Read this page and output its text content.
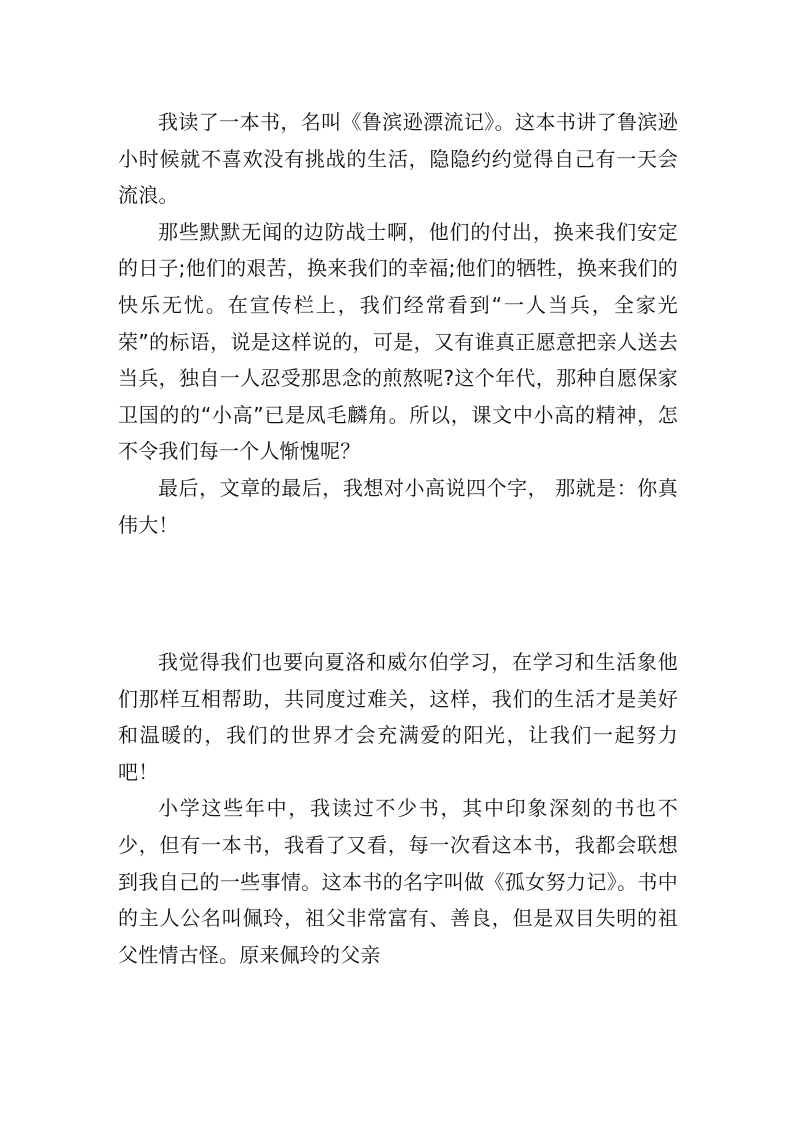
我读了一本书，名叫《鲁滨逊漂流记》。这本书讲了鲁滨逊小时候就不喜欢没有挑战的生活，隐隐约约觉得自己有一天会流浪。

那些默默无闻的边防战士啊，他们的付出，换来我们安定的日子;他们的艰苦，换来我们的幸福;他们的牺牲，换来我们的快乐无忧。在宣传栏上，我们经常看到“一人当兵，全家光荣”的标语，说是这样说的，可是，又有谁真正愿意把亲人送去当兵，独自一人忍受那思念的煎熬呢?这个年代，那种自愿保家卫国的的“小高”已是凤毛麟角。所以，课文中小高的精神，怎不令我们每一个人惭愧呢？

最后，文章的最后，我想对小高说四个字， 那就是：你真伟大！

我觉得我们也要向夏洛和威尔伯学习，在学习和生活象他们那样互相帮助，共同度过难关，这样，我们的生活才是美好和温暖的，我们的世界才会充满爱的阳光，让我们一起努力吧！

小学这些年中，我读过不少书，其中印象深刻的书也不少，但有一本书，我看了又看，每一次看这本书，我都会联想到我自己的一些事情。这本书的名字叫做《孤女努力记》。书中的主人公名叫佩玲，祖父非常富有、善良，但是双目失明的祖父性情古怪。原来佩玲的父亲
